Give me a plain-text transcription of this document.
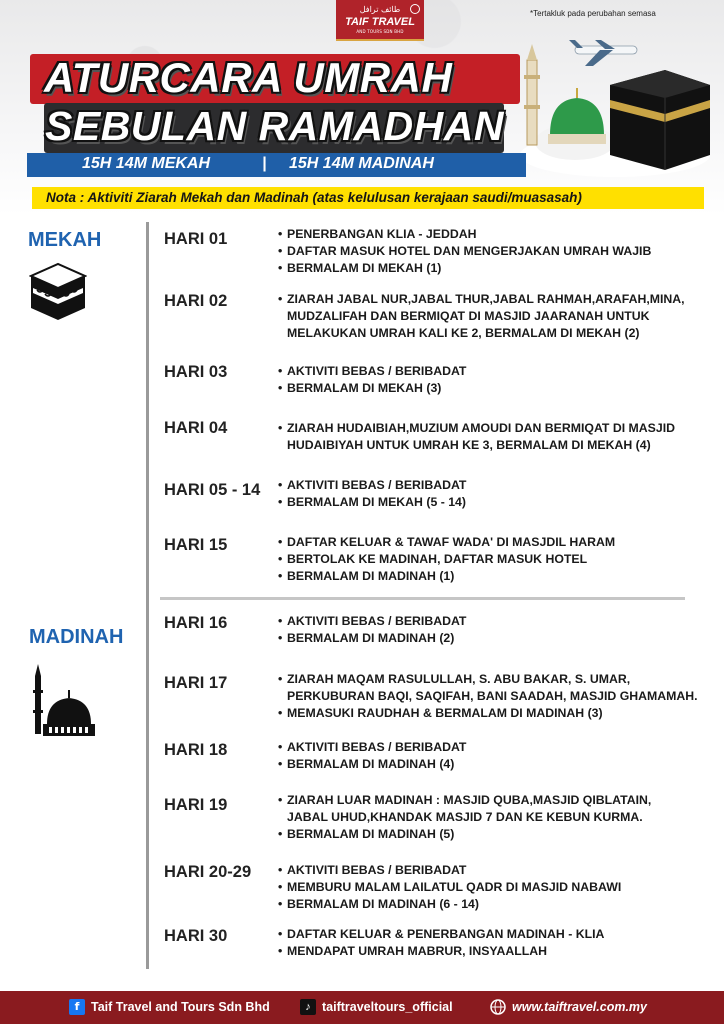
طائف ترافل
TAIF TRAVEL
AND TOURS SDN BHD
*Tertakluk pada perubahan semasa
ATURCARA UMRAH
SEBULAN RAMADHAN
15H 14M MEKAH	| 15H 14M MADINAH
Nota : Aktiviti Ziarah Mekah dan Madinah (atas kelulusan kerajaan saudi/muasasah)
MEKAH
MADINAH
HARI 01	• PENERBANGAN KLIA - JEDDAH
• DAFTAR MASUK HOTEL DAN MENGERJAKAN UMRAH WAJIB
• BERMALAM DI MEKAH (1)
HARI 02	• ZIARAH JABAL NUR,JABAL THUR,JABAL RAHMAH,ARAFAH,MINA,
MUDZALIFAH DAN BERMIQAT DI MASJID JAARANAH UNTUK
MELAKUKAN UMRAH KALI KE 2, BERMALAM DI MEKAH (2)
HARI 03	• AKTIVITI BEBAS / BERIBADAT
• BERMALAM DI MEKAH (3)
HARI 04	• ZIARAH HUDAIBIAH,MUZIUM AMOUDI DAN BERMIQAT DI MASJID
HUDAIBIYAH UNTUK UMRAH KE 3, BERMALAM DI MEKAH (4)
HARI 05 - 14	• AKTIVITI BEBAS / BERIBADAT
• BERMALAM DI MEKAH (5 - 14)
HARI 15	• DAFTAR KELUAR & TAWAF WADA' DI MASJDIL HARAM
• BERTOLAK KE MADINAH, DAFTAR MASUK HOTEL
• BERMALAM DI MADINAH (1)
HARI 16	• AKTIVITI BEBAS / BERIBADAT
• BERMALAM DI MADINAH (2)
HARI 17	• ZIARAH MAQAM RASULULLAH, S. ABU BAKAR, S. UMAR,
PERKUBURAN BAQI, SAQIFAH, BANI SAADAH, MASJID GHAMAMAH.
• MEMASUKI RAUDHAH & BERMALAM DI MADINAH (3)
HARI 18	• AKTIVITI BEBAS / BERIBADAT
• BERMALAM DI MADINAH (4)
HARI 19	• ZIARAH LUAR MADINAH : MASJID QUBA,MASJID QIBLATAIN,
JABAL UHUD,KHANDAK MASJID 7 DAN KE KEBUN KURMA.
• BERMALAM DI MADINAH (5)
HARI 20-29	• AKTIVITI BEBAS / BERIBADAT
• MEMBURU MALAM LAILATUL QADR DI MASJID NABAWI
• BERMALAM DI MADINAH (6 - 14)
HARI 30	• DAFTAR KELUAR & PENERBANGAN MADINAH - KLIA
• MENDAPAT UMRAH MABRUR, INSYAALLAH
f Taif Travel and Tours Sdn Bhd	♪ taiftraveltours_official	www.taiftravel.com.my
